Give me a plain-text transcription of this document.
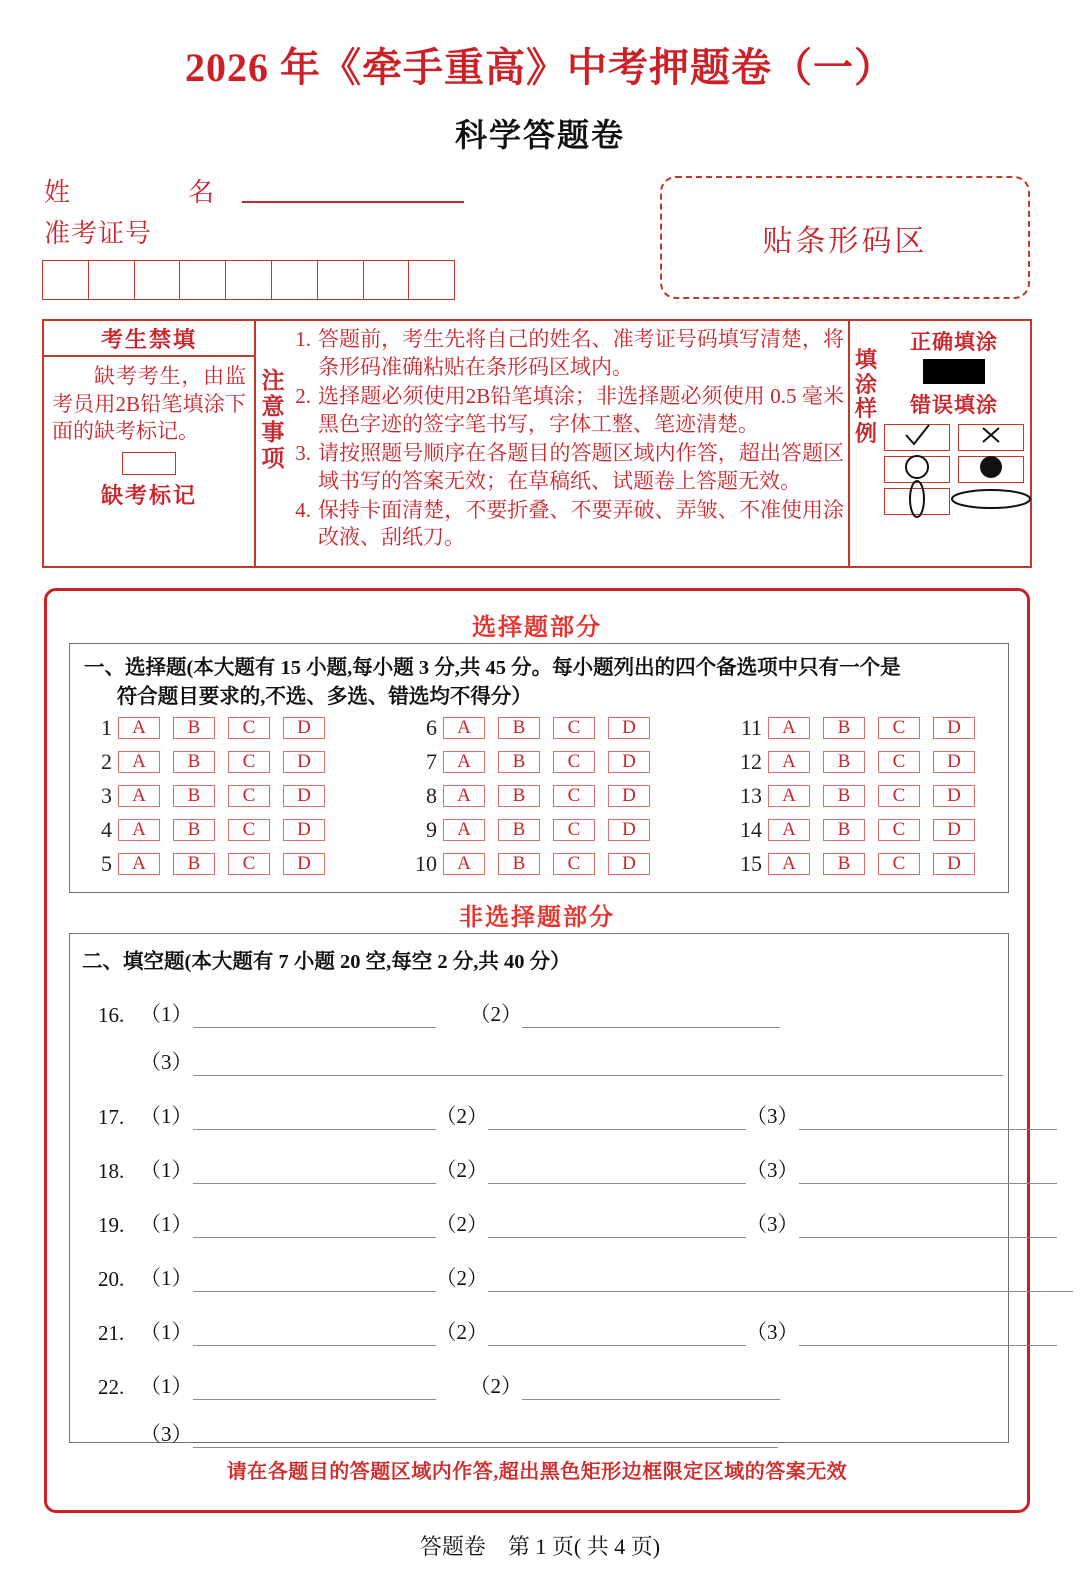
2026 年《牵手重高》中考押题卷（一）
科学答题卷
姓　　名
准考证号	贴条形码区
考生禁填
缺考考生，由监考员用2B铅笔填涂下面的缺考标记。
缺考标记
注
意
事
项
1. 答题前，考生先将自己的姓名、准考证号码填写清楚，将条形码准确粘贴在条形码区域内。
2. 选择题必须使用2B铅笔填涂；非选择题必须使用 0.5 毫米黑色字迹的签字笔书写，字体工整、笔迹清楚。
3. 请按照题号顺序在各题目的答题区域内作答，超出答题区域书写的答案无效；在草稿纸、试题卷上答题无效。
4. 保持卡面清楚，不要折叠、不要弄破、弄皱、不准使用涂改液、刮纸刀。
填
涂
样
例
正确填涂
错误填涂
选择题部分
一、选择题(本大题有 15 小题,每小题 3 分,共 45 分。每小题列出的四个备选项中只有一个是
符合题目要求的,不选、多选、错选均不得分）
1	A	B	C	D
2	A	B	C	D
3	A	B	C	D
4	A	B	C	D
5	A	B	C	D
6	A	B	C	D
7	A	B	C	D
8	A	B	C	D
9	A	B	C	D
10	A	B	C	D
11	A	B	C	D
12	A	B	C	D
13	A	B	C	D
14	A	B	C	D
15	A	B	C	D
非选择题部分
二、填空题(本大题有 7 小题 20 空,每空 2 分,共 40 分）
16. （1）	（2）
（3）
17. （1）	（2）	（3）
18. （1）	（2）	（3）
19. （1）	（2）	（3）
20. （1）	（2）
21. （1）	（2）	（3）
22. （1）	（2）
（3）
请在各题目的答题区域内作答,超出黑色矩形边框限定区域的答案无效
答题卷　第 1 页( 共 4 页)
